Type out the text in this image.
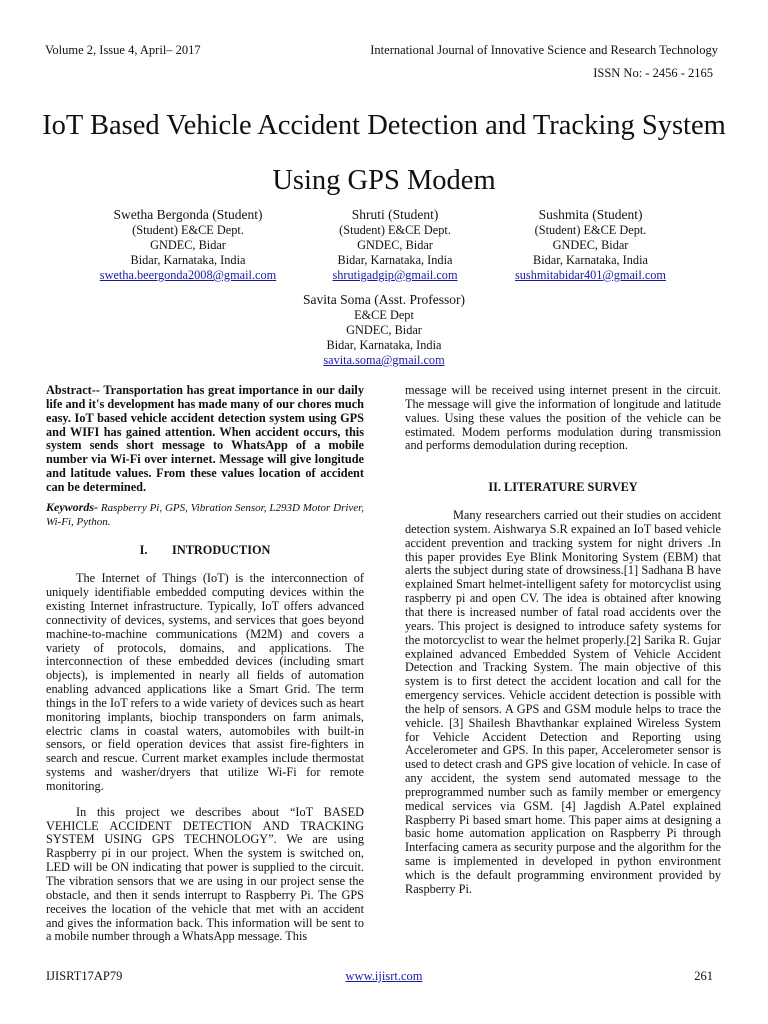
Volume 2, Issue 4, April– 2017	International Journal of Innovative Science and Research Technology
ISSN No: - 2456 - 2165
IoT Based Vehicle Accident Detection and Tracking System Using GPS Modem
Swetha Bergonda (Student)
(Student) E&CE Dept.
GNDEC, Bidar
Bidar, Karnataka, India
swetha.beergonda2008@gmail.com
Shruti (Student)
(Student) E&CE Dept.
GNDEC, Bidar
Bidar, Karnataka, India
shrutigadgip@gmail.com
Sushmita (Student)
(Student) E&CE Dept.
GNDEC, Bidar
Bidar, Karnataka, India
sushmitabidar401@gmail.com
Savita Soma (Asst. Professor)
E&CE Dept
GNDEC, Bidar
Bidar, Karnataka, India
savita.soma@gmail.com

Abstract-- Transportation has great importance in our daily life and it's development has made many of our chores much easy. IoT based vehicle accident detection system using GPS and WIFI has gained attention. When accident occurs, this system sends short message to WhatsApp of a mobile number via Wi-Fi over internet. Message will give longitude and latitude values. From these values location of accident can be determined.

Keywords- Raspberry Pi, GPS, Vibration Sensor, L293D Motor Driver, Wi-Fi, Python.

I.        INTRODUCTION

The Internet of Things (IoT) is the interconnection of uniquely identifiable embedded computing devices within the existing Internet infrastructure. Typically, IoT offers advanced connectivity of devices, systems, and services that goes beyond machine-to-machine communications (M2M) and covers a variety of protocols, domains, and applications. The interconnection of these embedded devices (including smart objects), is implemented in nearly all fields of automation enabling advanced applications like a Smart Grid. The term things in the IoT refers to a wide variety of devices such as heart monitoring implants, biochip transponders on farm animals, electric clams in coastal waters, automobiles with built-in sensors, or field operation devices that assist fire-fighters in search and rescue. Current market examples include thermostat systems and washer/dryers that utilize Wi-Fi for remote monitoring.

In this project we describes about “IoT BASED VEHICLE ACCIDENT DETECTION AND TRACKING SYSTEM USING GPS TECHNOLOGY”. We are using Raspberry pi in our project. When the system is switched on, LED will be ON indicating that power is supplied to the circuit. The vibration sensors that we are using in our project sense the obstacle, and then it sends interrupt to Raspberry Pi. The GPS receives the location of the vehicle that met with an accident and gives the information back. This information will be sent to a mobile number through a WhatsApp message. This

message will be received using internet present in the circuit. The message will give the information of longitude and latitude values. Using these values the position of the vehicle can be estimated. Modem performs modulation during transmission and performs demodulation during reception.

II. LITERATURE SURVEY

Many researchers carried out their studies on accident detection system. Aishwarya S.R expained an IoT based vehicle accident prevention and tracking system for night drivers .In this paper provides Eye Blink Monitoring System (EBM) that alerts the subject during state of drowsiness.[1] Sadhana B have explained Smart helmet-intelligent safety for motorcyclist using raspberry pi and open CV. The idea is obtained after knowing that there is increased number of fatal road accidents over the years. This project is designed to introduce safety systems for the motorcyclist to wear the helmet properly.[2] Sarika R. Gujar explained advanced Embedded System of Vehicle Accident Detection and Tracking System. The main objective of this system is to first detect the accident location and call for the emergency services. Vehicle accident detection is possible with the help of sensors. A GPS and GSM module helps to trace the vehicle. [3] Shailesh Bhavthankar explained Wireless System for Vehicle Accident Detection and Reporting using Accelerometer and GPS. In this paper, Accelerometer sensor is used to detect crash and GPS give location of vehicle. In case of any accident, the system send automated message to the preprogrammed number such as family member or emergency medical services via GSM. [4] Jagdish A.Patel explained Raspberry Pi based smart home. This paper aims at designing a basic home automation application on Raspberry Pi through Interfacing camera as security purpose and the algorithm for the same is implemented in developed in python environment which is the default programming environment provided by Raspberry Pi.

IJISRT17AP79	www.ijisrt.com	261
